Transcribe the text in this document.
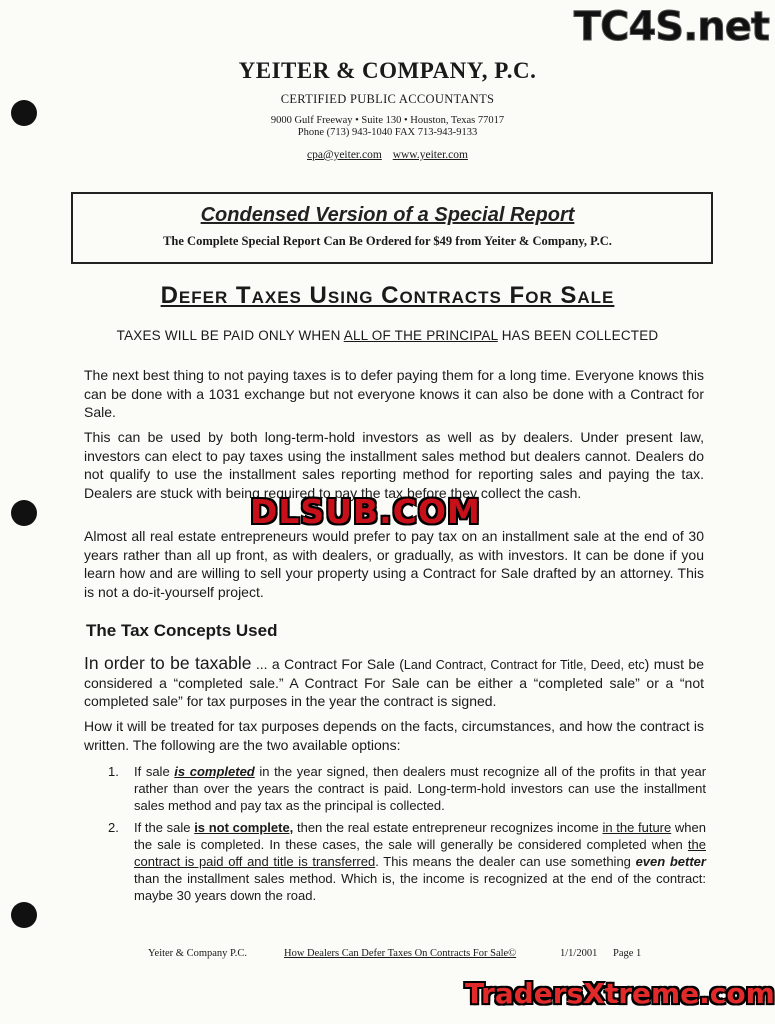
TC4S.net
YEITER & COMPANY, P.C.
CERTIFIED PUBLIC ACCOUNTANTS
9000 Gulf Freeway • Suite 130 • Houston, Texas 77017
Phone (713) 943-1040 FAX 713-943-9133
cpa@yeiter.com www.yeiter.com
Condensed Version of a Special Report
The Complete Special Report Can Be Ordered for $49 from Yeiter & Company, P.C.
Defer Taxes Using Contracts For Sale
TAXES WILL BE PAID ONLY WHEN ALL OF THE PRINCIPAL HAS BEEN COLLECTED
The next best thing to not paying taxes is to defer paying them for a long time. Everyone knows this can be done with a 1031 exchange but not everyone knows it can also be done with a Contract for Sale.
This can be used by both long-term-hold investors as well as by dealers. Under present law, investors can elect to pay taxes using the installment sales method but dealers cannot. Dealers do not qualify to use the installment sales reporting method for reporting sales and paying the tax. Dealers are stuck with being required to pay the tax before they collect the cash.
Almost all real estate entrepreneurs would prefer to pay tax on an installment sale at the end of 30 years rather than all up front, as with dealers, or gradually, as with investors. It can be done if you learn how and are willing to sell your property using a Contract for Sale drafted by an attorney. This is not a do-it-yourself project.
DLSUB.COM
The Tax Concepts Used
In order to be taxable ... a Contract For Sale (Land Contract, Contract for Title, Deed, etc) must be considered a “completed sale.” A Contract For Sale can be either a “completed sale” or a “not completed sale” for tax purposes in the year the contract is signed.
How it will be treated for tax purposes depends on the facts, circumstances, and how the contract is written. The following are the two available options:
1. If sale is completed in the year signed, then dealers must recognize all of the profits in that year rather than over the years the contract is paid. Long-term-hold investors can use the installment sales method and pay tax as the principal is collected.
2. If the sale is not complete, then the real estate entrepreneur recognizes income in the future when the sale is completed. In these cases, the sale will generally be considered completed when the contract is paid off and title is transferred. This means the dealer can use something even better than the installment sales method. Which is, the income is recognized at the end of the contract: maybe 30 years down the road.
Yeiter & Company P.C.	How Dealers Can Defer Taxes On Contracts For Sale©	1/1/2001 Page 1
TradersXtreme.com
